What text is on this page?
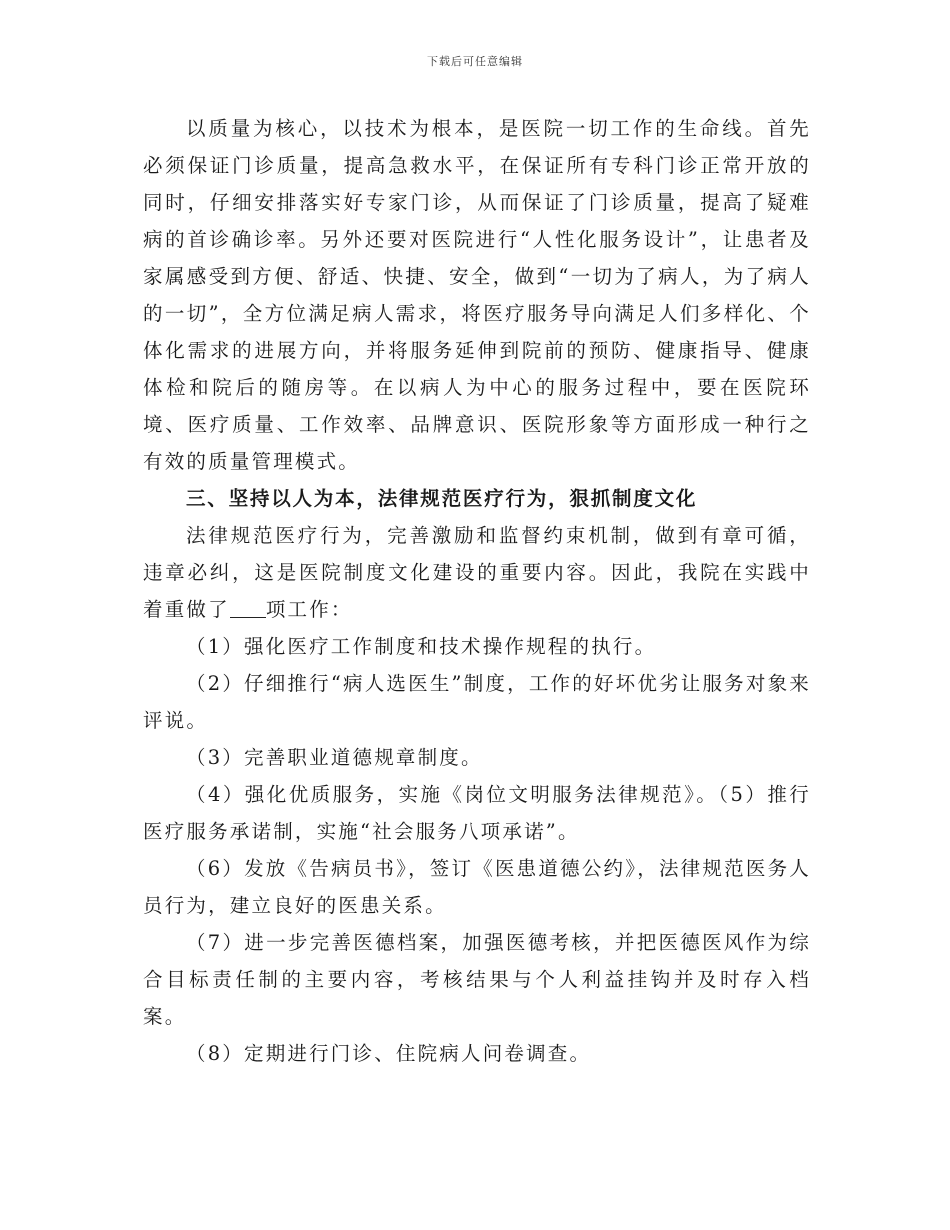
下载后可任意编辑

以质量为核心，以技术为根本，是医院一切工作的生命线。首先必须保证门诊质量，提高急救水平，在保证所有专科门诊正常开放的同时，仔细安排落实好专家门诊，从而保证了门诊质量，提高了疑难病的首诊确诊率。另外还要对医院进行“人性化服务设计”，让患者及家属感受到方便、舒适、快捷、安全，做到“一切为了病人，为了病人的一切”，全方位满足病人需求，将医疗服务导向满足人们多样化、个体化需求的进展方向，并将服务延伸到院前的预防、健康指导、健康体检和院后的随房等。在以病人为中心的服务过程中，要在医院环境、医疗质量、工作效率、品牌意识、医院形象等方面形成一种行之有效的质量管理模式。

三、坚持以人为本，法律规范医疗行为，狠抓制度文化

法律规范医疗行为，完善激励和监督约束机制，做到有章可循，违章必纠，这是医院制度文化建设的重要内容。因此，我院在实践中着重做了 项工作：

（1）强化医疗工作制度和技术操作规程的执行。

（2）仔细推行“病人选医生”制度，工作的好坏优劣让服务对象来评说。

（3）完善职业道德规章制度。

（4）强化优质服务，实施《岗位文明服务法律规范》。（5）推行医疗服务承诺制，实施“社会服务八项承诺”。

（6）发放《告病员书》，签订《医患道德公约》，法律规范医务人员行为，建立良好的医患关系。

（7）进一步完善医德档案，加强医德考核，并把医德医风作为综合目标责任制的主要内容，考核结果与个人利益挂钩并及时存入档案。

（8）定期进行门诊、住院病人问卷调查。
